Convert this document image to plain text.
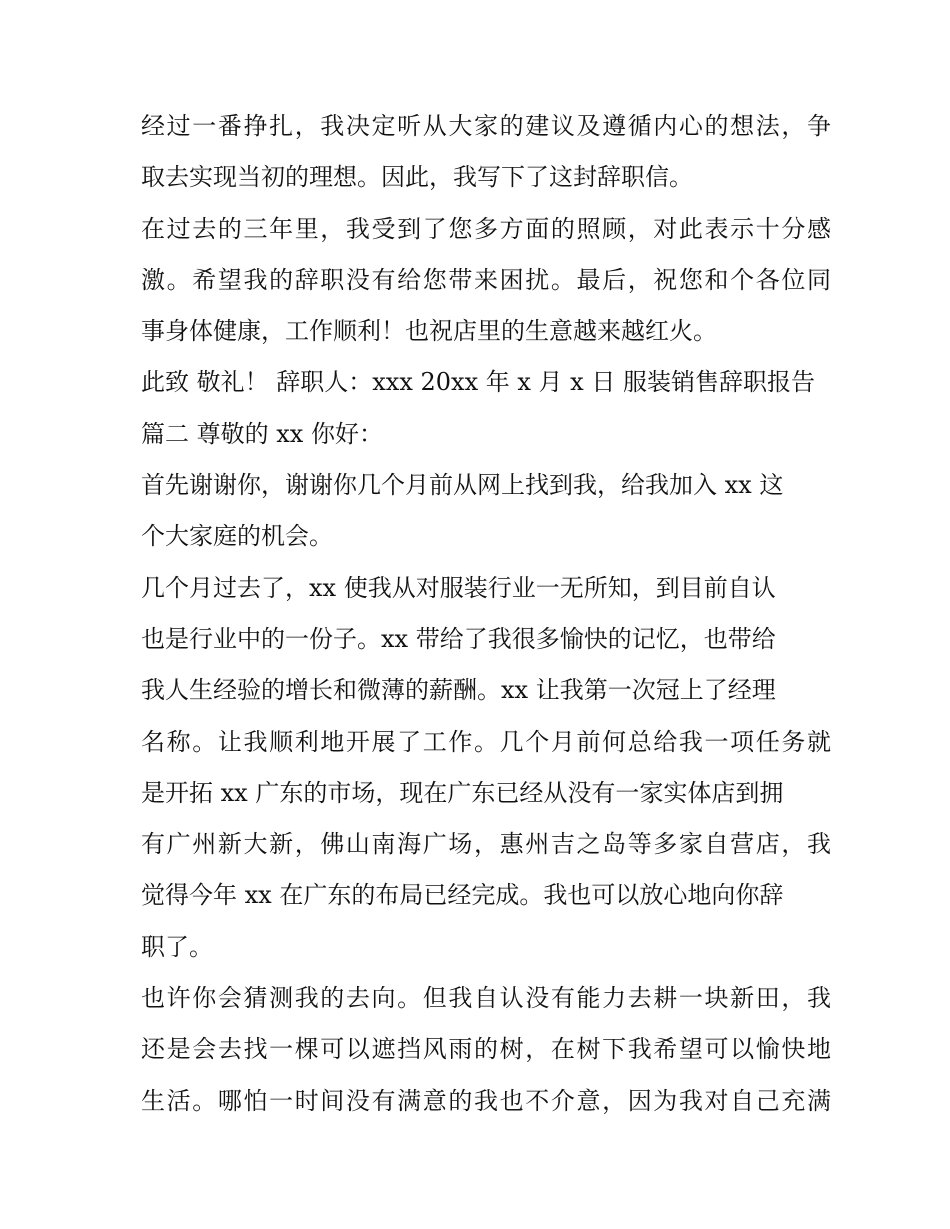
经过一番挣扎，我决定听从大家的建议及遵循内心的想法，争
取去实现当初的理想。因此，我写下了这封辞职信。
在过去的三年里，我受到了您多方面的照顾，对此表示十分感
激。希望我的辞职没有给您带来困扰。最后，祝您和个各位同
事身体健康，工作顺利！也祝店里的生意越来越红火。
此致 敬礼！ 辞职人：xxx 20xx 年 x 月 x 日 服装销售辞职报告
篇二 尊敬的 xx 你好：
首先谢谢你，谢谢你几个月前从网上找到我，给我加入 xx 这
个大家庭的机会。
几个月过去了，xx 使我从对服装行业一无所知，到目前自认
也是行业中的一份子。xx 带给了我很多愉快的记忆，也带给
我人生经验的增长和微薄的薪酬。xx 让我第一次冠上了经理
名称。让我顺利地开展了工作。几个月前何总给我一项任务就
是开拓 xx 广东的市场，现在广东已经从没有一家实体店到拥
有广州新大新，佛山南海广场，惠州吉之岛等多家自营店，我
觉得今年 xx 在广东的布局已经完成。我也可以放心地向你辞
职了。
也许你会猜测我的去向。但我自认没有能力去耕一块新田，我
还是会去找一棵可以遮挡风雨的树，在树下我希望可以愉快地
生活。哪怕一时间没有满意的我也不介意，因为我对自己充满
